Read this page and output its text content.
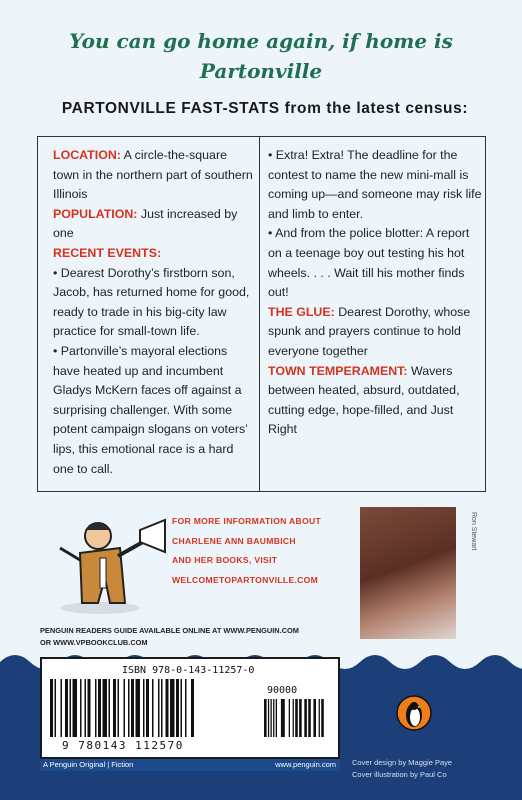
You can go home again, if home is
Partonville
PARTONVILLE FAST-STATS from the latest census:

LOCATION: A circle-the-square town in the northern part of southern Illinois

POPULATION: Just increased by one

RECENT EVENTS:

• Dearest Dorothy’s firstborn son, Jacob, has returned home for good, ready to trade in his big-city law practice for small-town life.

• Partonville’s mayoral elections have heated up and incumbent Gladys McKern faces off against a surprising challenger. With some potent campaign slogans on voters’ lips, this emotional race is a hard one to call.

• Extra! Extra! The deadline for the contest to name the new mini-mall is coming up—and someone may risk life and limb to enter.

• And from the police blotter: A report on a teenage boy out testing his hot wheels. . . . Wait till his mother finds out!

THE GLUE: Dearest Dorothy, whose spunk and prayers continue to hold everyone together

TOWN TEMPERAMENT: Wavers between heated, absurd, outdated, cutting edge, hope-filled, and Just Right

FOR MORE INFORMATION ABOUT
CHARLENE ANN BAUMBICH
AND HER BOOKS, VISIT
WELCOMETOPARTONVILLE.COM
Ron Stewart
PENGUIN READERS GUIDE AVAILABLE ONLINE AT WWW.PENGUIN.COM
OR WWW.VPBOOKCLUB.COM
ISBN 978-0-143-11257-0
90000
9 780143 112570
A Penguin Original | Fiction	www.penguin.com Cover design by Maggie Paye
Cover illustration by Paul Co
